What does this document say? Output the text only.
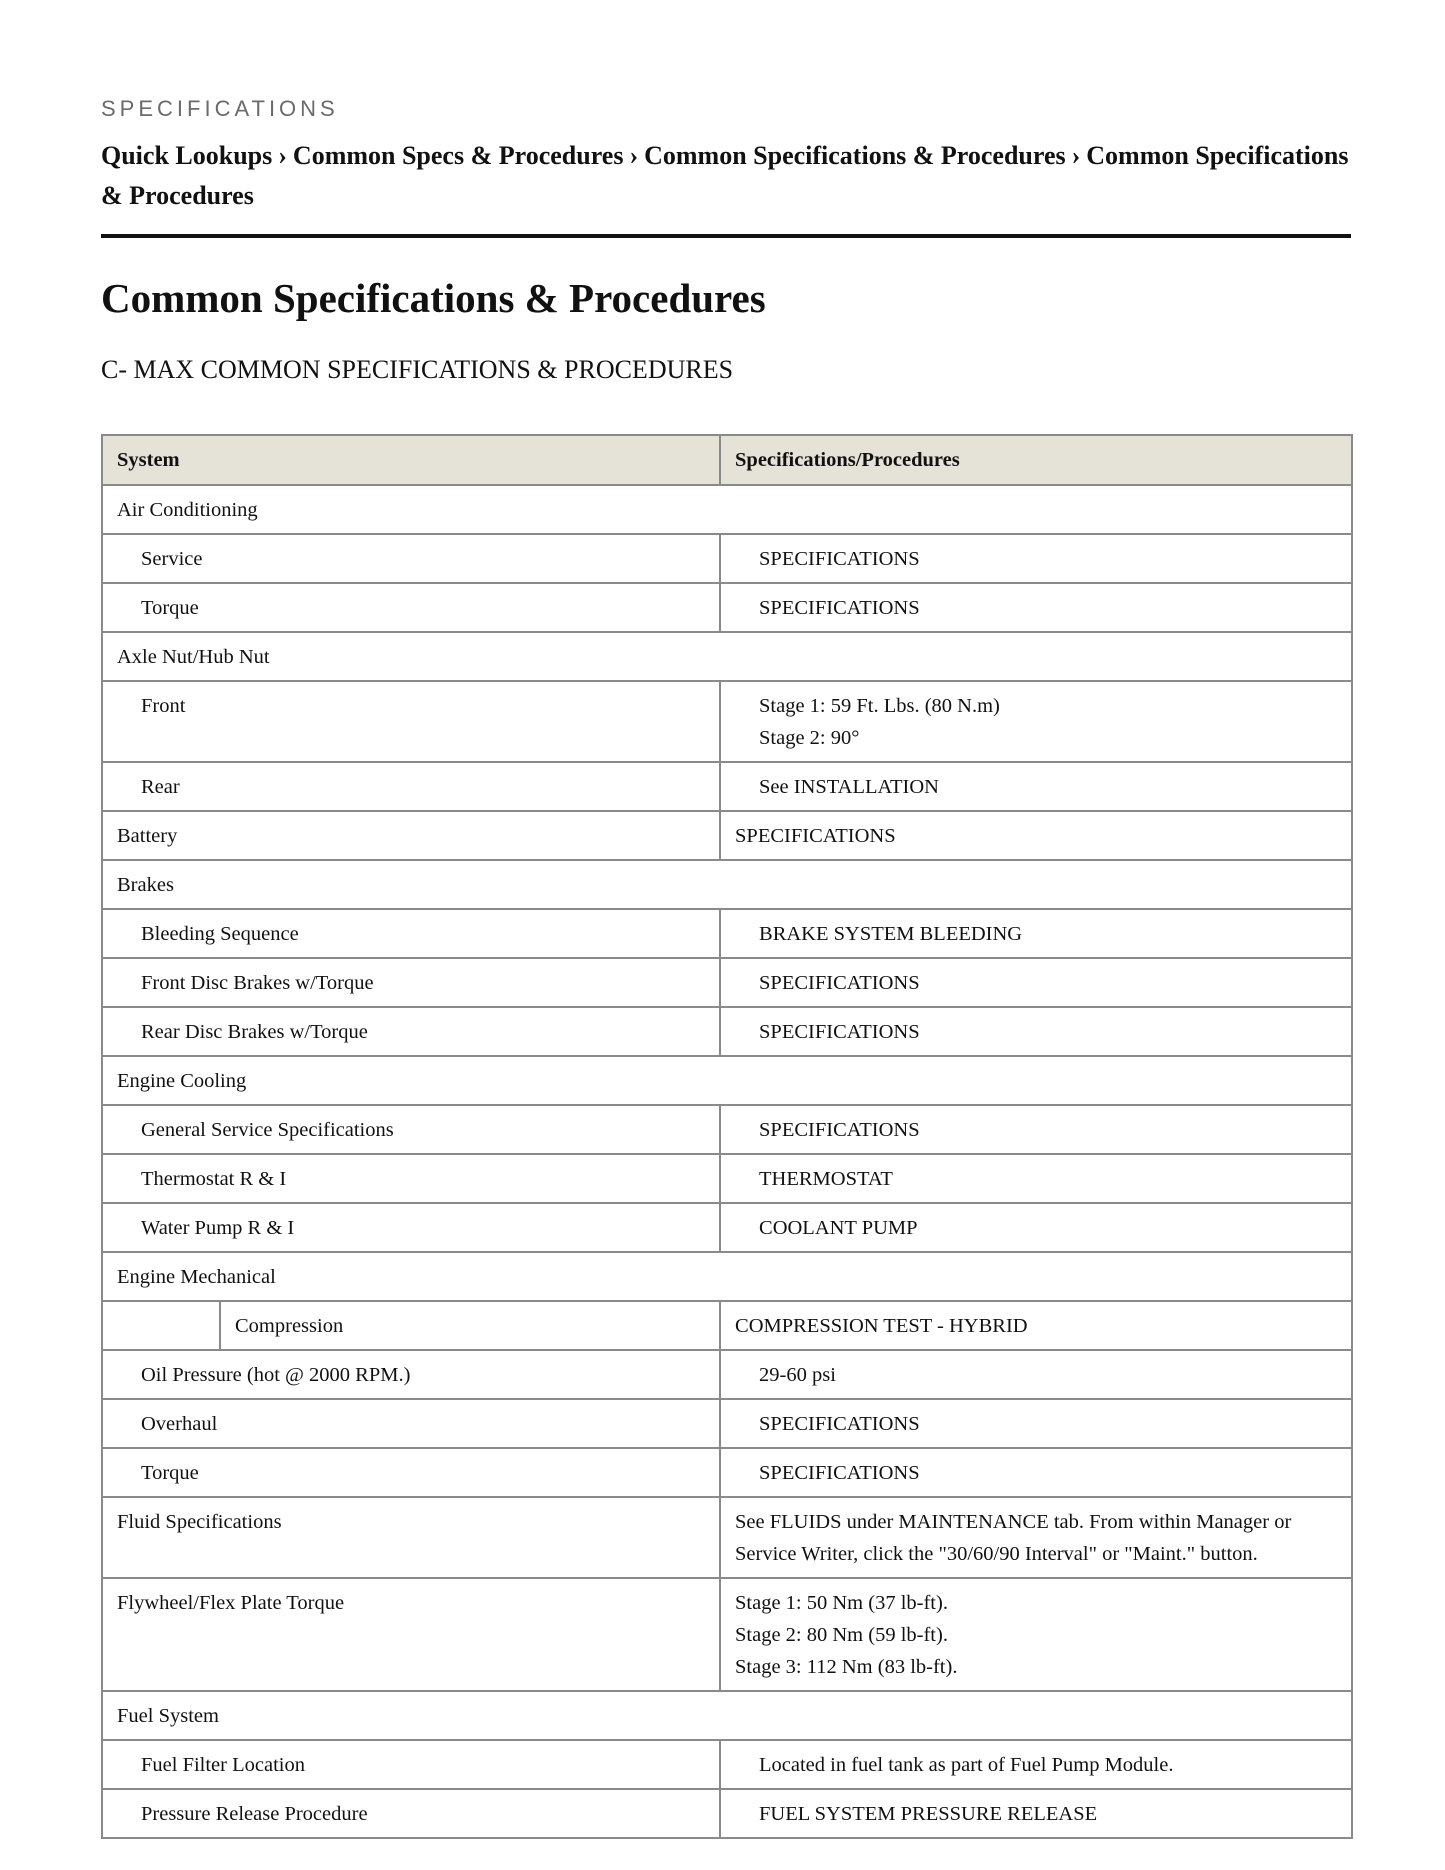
SPECIFICATIONS
Quick Lookups › Common Specs & Procedures › Common Specifications & Procedures › Common Specifications & Procedures
Common Specifications & Procedures
C- MAX COMMON SPECIFICATIONS & PROCEDURES
System		Specifications/Procedures
Air Conditioning		
Service		SPECIFICATIONS

Torque		SPECIFICATIONS

Axle Nut/Hub Nut		
Front		Stage 1: 59 Ft. Lbs. (80 N.m)
Stage 2: 90°

Rear		See INSTALLATION

Battery		SPECIFICATIONS

Brakes		
Bleeding Sequence		BRAKE SYSTEM BLEEDING

Front Disc Brakes w/Torque		SPECIFICATIONS

Rear Disc Brakes w/Torque		SPECIFICATIONS

Engine Cooling		
General Service Specifications		SPECIFICATIONS

Thermostat R & I		THERMOSTAT

Water Pump R & I		COOLANT PUMP

Engine Mechanical		
	Compression	COMPRESSION TEST - HYBRID

Oil Pressure (hot @ 2000 RPM.)		29-60 psi

Overhaul		SPECIFICATIONS

Torque		SPECIFICATIONS

Fluid Specifications		See FLUIDS under MAINTENANCE tab. From within Manager or Service Writer, click the "30/60/90 Interval" or "Maint." button.

Flywheel/Flex Plate Torque		Stage 1: 50 Nm (37 lb-ft).
Stage 2: 80 Nm (59 lb-ft).
Stage 3: 112 Nm (83 lb-ft).

Fuel System		
Fuel Filter Location		Located in fuel tank as part of Fuel Pump Module.

Pressure Release Procedure		FUEL SYSTEM PRESSURE RELEASE
